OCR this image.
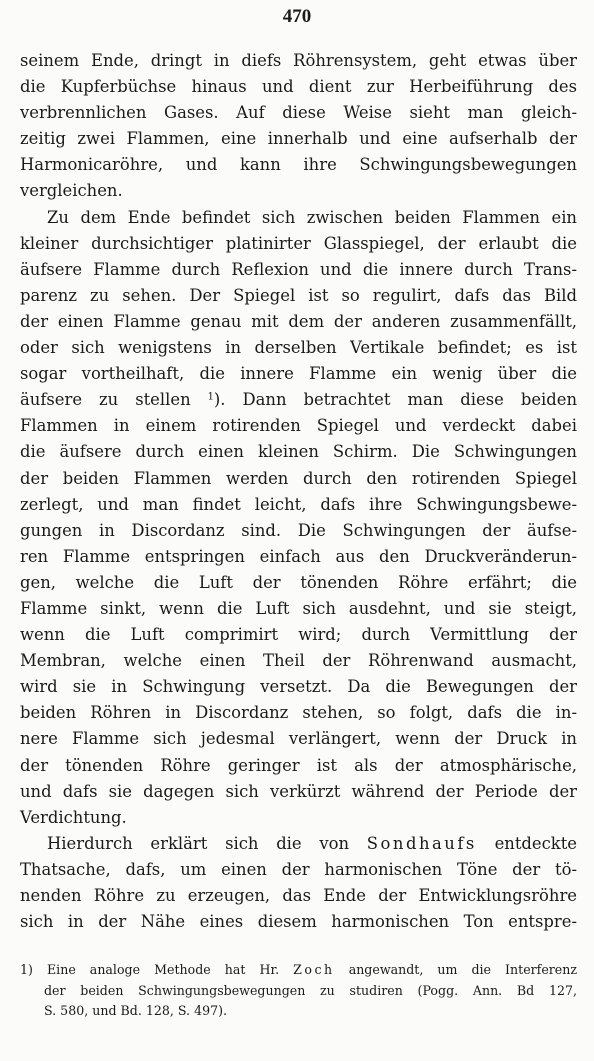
470
seinem Ende, dringt in diefs Röhrensystem, geht etwas über
die Kupferbüchse hinaus und dient zur Herbeiführung des
verbrennlichen Gases. Auf diese Weise sieht man gleich-
zeitig zwei Flammen, eine innerhalb und eine aufserhalb der
Harmonicaröhre, und kann ihre Schwingungsbewegungen
vergleichen.
Zu dem Ende befindet sich zwischen beiden Flammen ein
kleiner durchsichtiger platinirter Glasspiegel, der erlaubt die
äufsere Flamme durch Reflexion und die innere durch Trans-
parenz zu sehen. Der Spiegel ist so regulirt, dafs das Bild
der einen Flamme genau mit dem der anderen zusammenfällt,
oder sich wenigstens in derselben Vertikale befindet; es ist
sogar vortheilhaft, die innere Flamme ein wenig über die
äufsere zu stellen $^1$). Dann betrachtet man diese beiden
Flammen in einem rotirenden Spiegel und verdeckt dabei
die äufsere durch einen kleinen Schirm. Die Schwingungen
der beiden Flammen werden durch den rotirenden Spiegel
zerlegt, und man findet leicht, dafs ihre Schwingungsbewe-
gungen in Discordanz sind. Die Schwingungen der äufse-
ren Flamme entspringen einfach aus den Druckveränderun-
gen, welche die Luft der tönenden Röhre erfährt; die
Flamme sinkt, wenn die Luft sich ausdehnt, und sie steigt,
wenn die Luft comprimirt wird; durch Vermittlung der
Membran, welche einen Theil der Röhrenwand ausmacht,
wird sie in Schwingung versetzt. Da die Bewegungen der
beiden Röhren in Discordanz stehen, so folgt, dafs die in-
nere Flamme sich jedesmal verlängert, wenn der Druck in
der tönenden Röhre geringer ist als der atmosphärische,
und dafs sie dagegen sich verkürzt während der Periode der
Verdichtung.
Hierdurch erklärt sich die von Sondhaufs entdeckte
Thatsache, dafs, um einen der harmonischen Töne der tö-
nenden Röhre zu erzeugen, das Ende der Entwicklungsröhre
sich in der Nähe eines diesem harmonischen Ton entspre-
1) Eine analoge Methode hat Hr. Zoch angewandt, um die Interferenz
der beiden Schwingungsbewegungen zu studiren (Pogg. Ann. Bd 127,
S. 580, und Bd. 128, S. 497).
